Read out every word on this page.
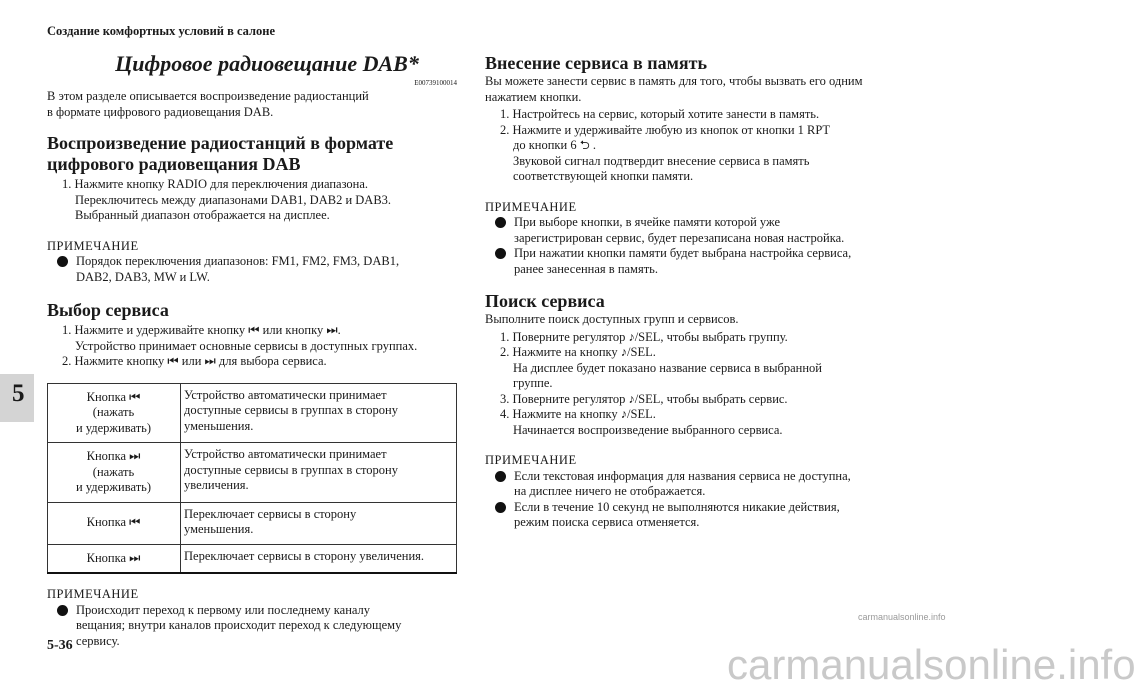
Создание комфортных условий в салоне
5
5-36	carmanualsonline.info
carmanualsonline.info
Цифровое радиовещание DAB*
E00739100014

В этом разделе описывается воспроизведение радиостанций

в формате цифрового радиовещания DAB.

Воспроизведение радиостанций в формате
цифрового радиовещания DAB
1. Нажмите кнопку RADIO для переключения диапазона.
Переключитесь между диапазонами DAB1, DAB2 и DAB3.
Выбранный диапазон отображается на дисплее.

ПРИМЕЧАНИЕ

Порядок переключения диапазонов: FM1, FM2, FM3, DAB1,
DAB2, DAB3, MW и LW.
Выбор сервиса
1. Нажмите и удерживайте кнопку ⏮ или кнопку ⏭.
Устройство принимает основные сервисы в доступных группах.
2. Нажмите кнопку ⏮ или ⏭ для выбора сервиса.
Кнопка ⏮
(нажать
и удерживать)	Устройство автоматически принимает
доступные сервисы в группах в сторону
уменьшения.
Кнопка ⏭
(нажать
и удерживать)	Устройство автоматически принимает
доступные сервисы в группах в сторону
увеличения.
Кнопка ⏮	Переключает сервисы в сторону
уменьшения.
Кнопка ⏭	Переключает сервисы в сторону увеличения.

ПРИМЕЧАНИЕ

Происходит переход к первому или последнему каналу
вещания; внутри каналов происходит переход к следующему
сервису.
Внесение сервиса в память

Вы можете занести сервис в память для того, чтобы вызвать его одним

нажатием кнопки.

1. Настройтесь на сервис, который хотите занести в память.
2. Нажмите и удерживайте любую из кнопок от кнопки 1 RPT
до кнопки 6 ⮌ .
Звуковой сигнал подтвердит внесение сервиса в память
соответствующей кнопки памяти.

ПРИМЕЧАНИЕ

При выборе кнопки, в ячейке памяти которой уже
зарегистрирован сервис, будет перезаписана новая настройка.
При нажатии кнопки памяти будет выбрана настройка сервиса,
ранее занесенная в память.
Поиск сервиса

Выполните поиск доступных групп и сервисов.

1. Поверните регулятор ♪/SEL, чтобы выбрать группу.
2. Нажмите на кнопку ♪/SEL.
На дисплее будет показано название сервиса в выбранной
группе.
3. Поверните регулятор ♪/SEL, чтобы выбрать сервис.
4. Нажмите на кнопку ♪/SEL.
Начинается воспроизведение выбранного сервиса.

ПРИМЕЧАНИЕ

Если текстовая информация для названия сервиса не доступна,
на дисплее ничего не отображается.
Если в течение 10 секунд не выполняются никакие действия,
режим поиска сервиса отменяется.
